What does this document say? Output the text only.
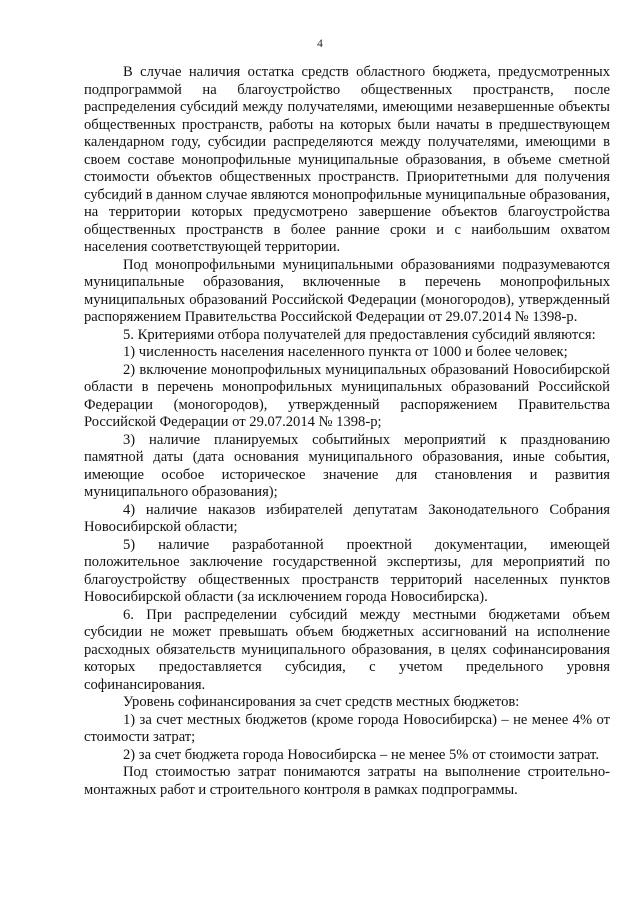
4

В случае наличия остатка средств областного бюджета, предусмотренных подпрограммой на благоустройство общественных пространств, после распределения субсидий между получателями, имеющими незавершенные объекты общественных пространств, работы на которых были начаты в предшествующем календарном году, субсидии распределяются между получателями, имеющими в своем составе монопрофильные муниципальные образования, в объеме сметной стоимости объектов общественных пространств. Приоритетными для получения субсидий в данном случае являются монопрофильные муниципальные образования, на территории которых предусмотрено завершение объектов благоустройства общественных пространств в более ранние сроки и с наибольшим охватом населения соответствующей территории.

Под монопрофильными муниципальными образованиями подразумеваются муниципальные образования, включенные в перечень монопрофильных муниципальных образований Российской Федерации (моногородов), утвержденный распоряжением Правительства Российской Федерации от 29.07.2014 № 1398-р.

5. Критериями отбора получателей для предоставления субсидий являются:

1) численность населения населенного пункта от 1000 и более человек;

2) включение монопрофильных муниципальных образований Новосибирской области в перечень монопрофильных муниципальных образований Российской Федерации (моногородов), утвержденный распоряжением Правительства Российской Федерации от 29.07.2014 № 1398-р;

3) наличие планируемых событийных мероприятий к празднованию памятной даты (дата основания муниципального образования, иные события, имеющие особое историческое значение для становления и развития муниципального образования);

4) наличие наказов избирателей депутатам Законодательного Собрания Новосибирской области;

5) наличие разработанной проектной документации, имеющей положительное заключение государственной экспертизы, для мероприятий по благоустройству общественных пространств территорий населенных пунктов Новосибирской области (за исключением города Новосибирска).

6. При распределении субсидий между местными бюджетами объем субсидии не может превышать объем бюджетных ассигнований на исполнение расходных обязательств муниципального образования, в целях софинансирования которых предоставляется субсидия, с учетом предельного уровня софинансирования.

Уровень софинансирования за счет средств местных бюджетов:

1) за счет местных бюджетов (кроме города Новосибирска) – не менее 4% от стоимости затрат;

2) за счет бюджета города Новосибирска – не менее 5% от стоимости затрат.

Под стоимостью затрат понимаются затраты на выполнение строительно-монтажных работ и строительного контроля в рамках подпрограммы.
